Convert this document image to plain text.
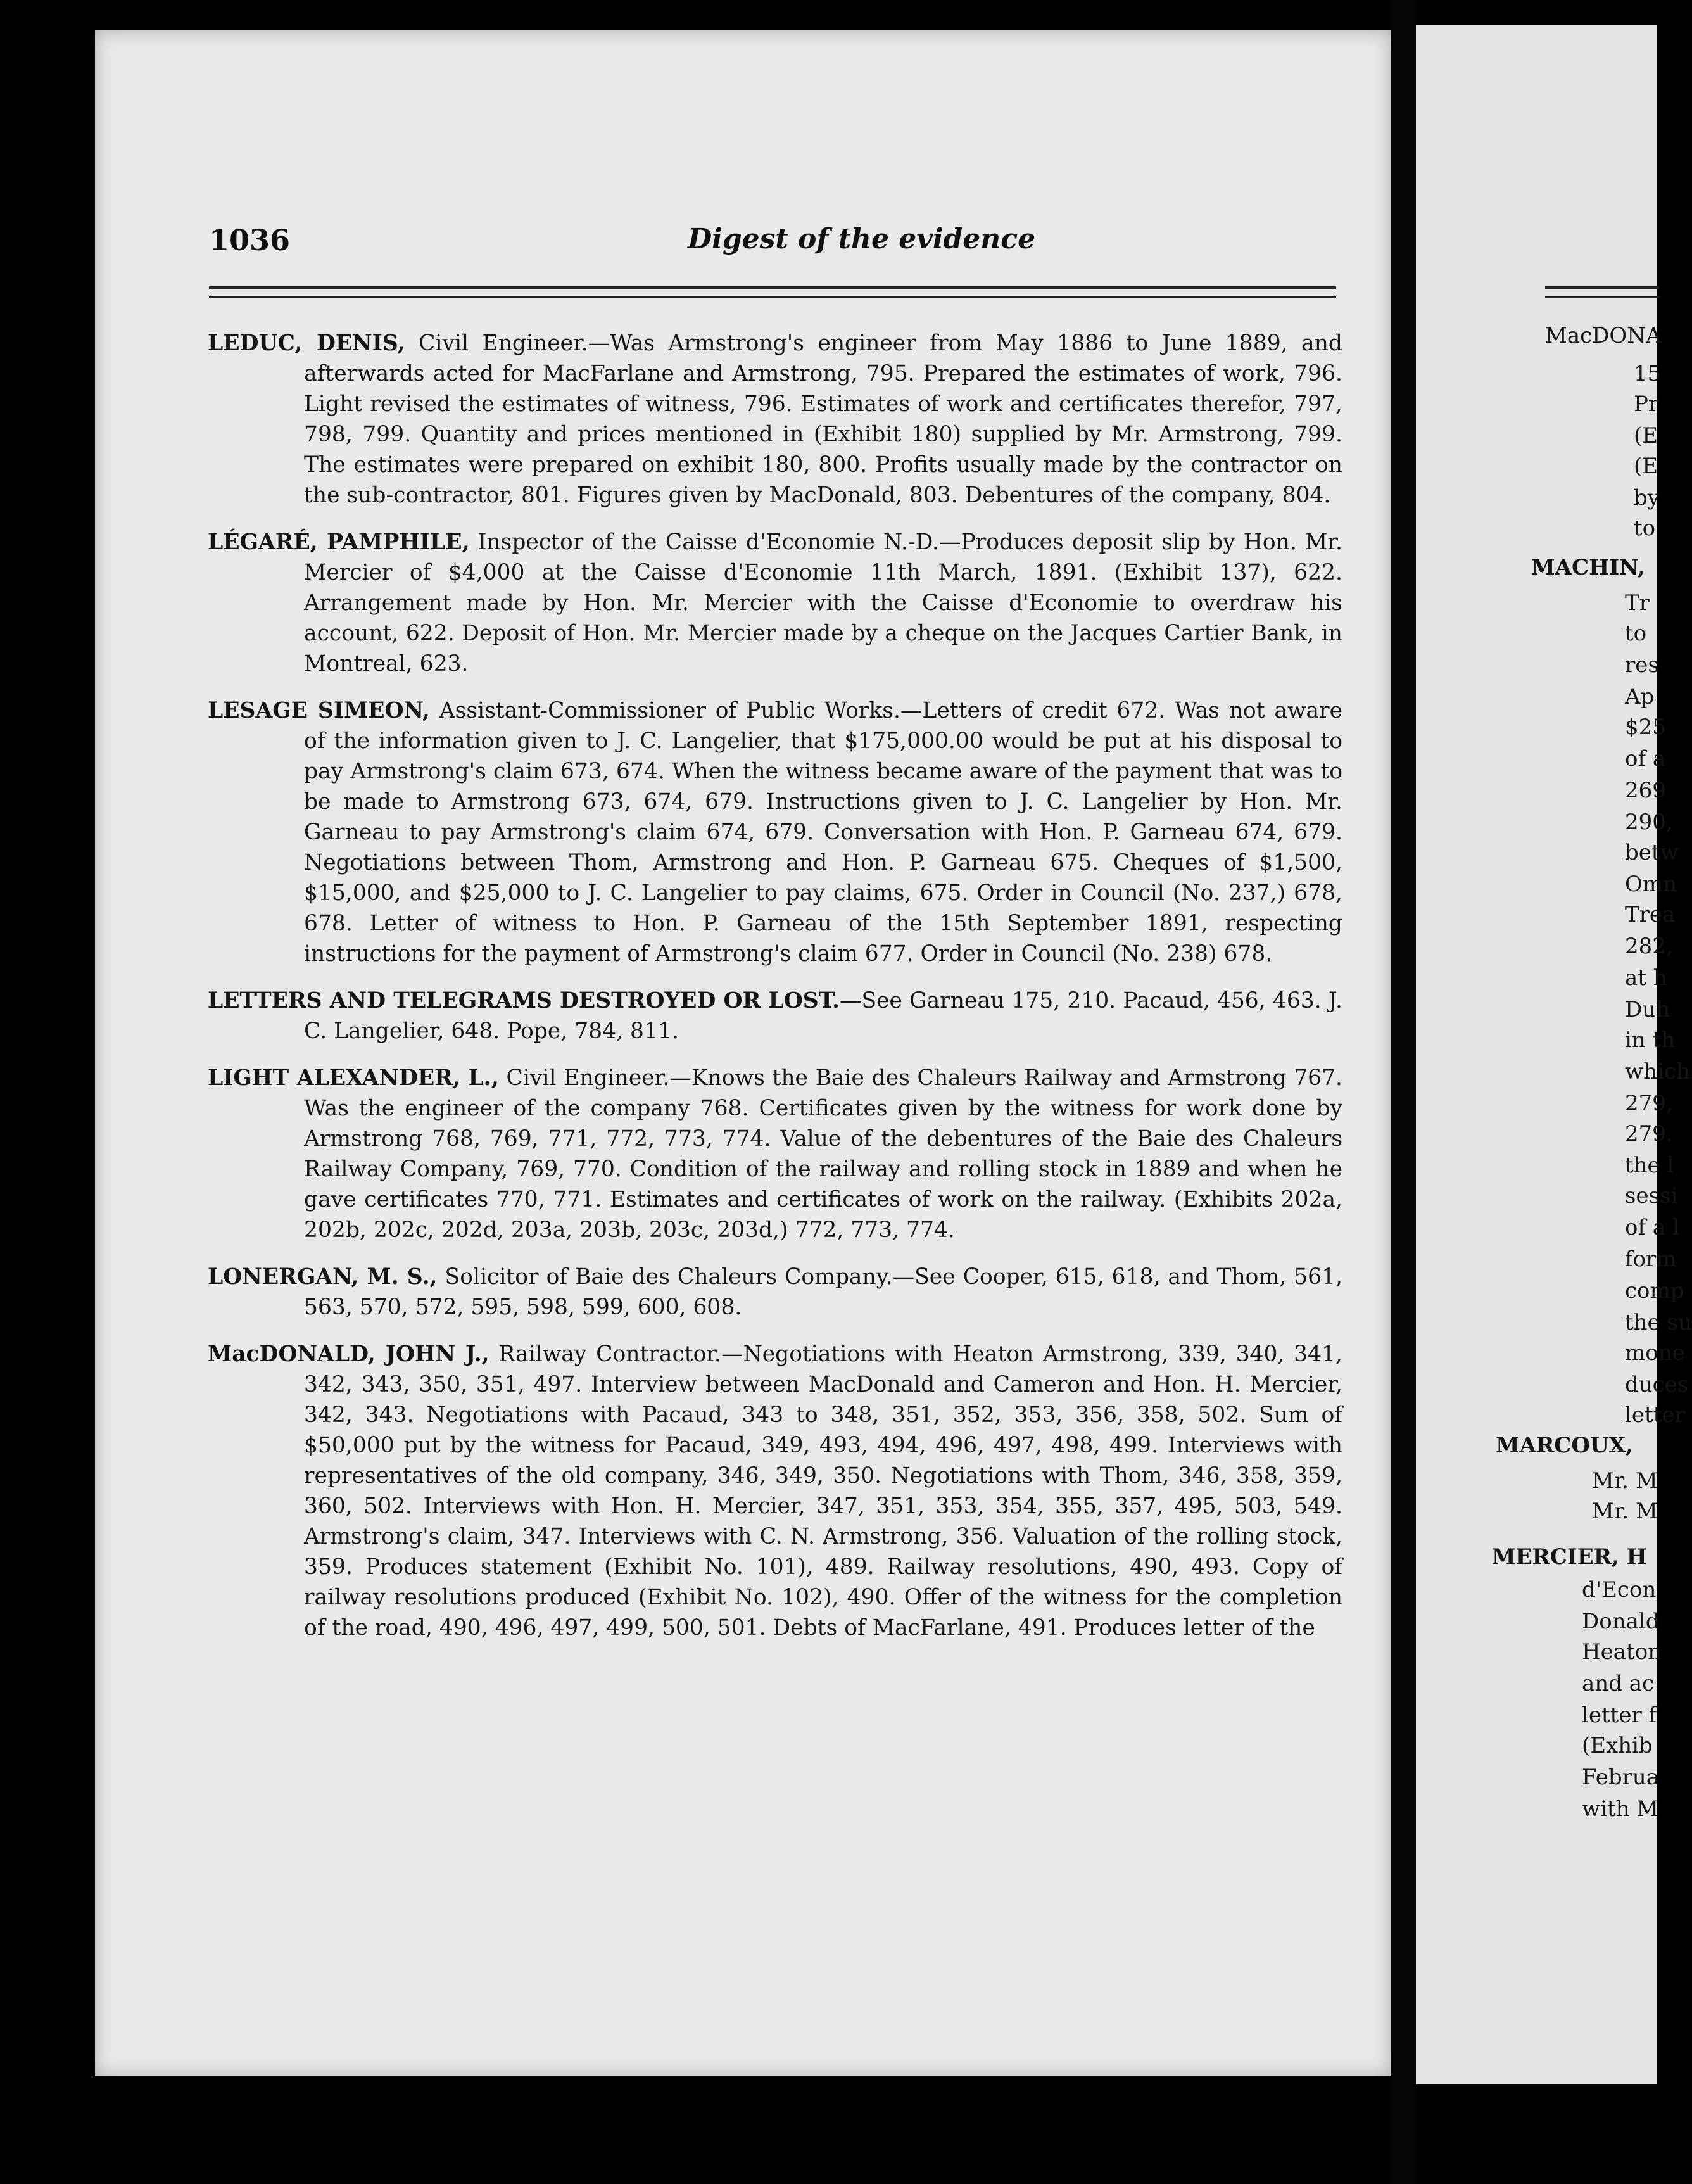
1036	Digest of the evidence

LEDUC, DENIS, Civil Engineer.—Was Armstrong's engineer from May 1886 to June 1889, and afterwards acted for MacFarlane and Armstrong, 795. Prepared the estimates of work, 796. Light revised the estimates of witness, 796. Estimates of work and certificates therefor, 797, 798, 799. Quantity and prices mentioned in (Exhibit 180) supplied by Mr. Armstrong, 799. The estimates were prepared on exhibit 180, 800. Profits usually made by the contractor on the sub-contractor, 801. Figures given by MacDonald, 803. Debentures of the company, 804.

LÉGARÉ, PAMPHILE, Inspector of the Caisse d'Economie N.-D.—Produces deposit slip by Hon. Mr. Mercier of $4,000 at the Caisse d'Economie 11th March, 1891. (Exhibit 137), 622. Arrangement made by Hon. Mr. Mercier with the Caisse d'Economie to overdraw his account, 622. Deposit of Hon. Mr. Mercier made by a cheque on the Jacques Cartier Bank, in Montreal, 623.

LESAGE SIMEON, Assistant-Commissioner of Public Works.—Letters of credit 672. Was not aware of the information given to J. C. Langelier, that $175,000.00 would be put at his disposal to pay Armstrong's claim 673, 674. When the witness became aware of the payment that was to be made to Armstrong 673, 674, 679. Instructions given to J. C. Langelier by Hon. Mr. Garneau to pay Armstrong's claim 674, 679. Conversation with Hon. P. Garneau 674, 679. Negotiations between Thom, Armstrong and Hon. P. Garneau 675. Cheques of $1,500, $15,000, and $25,000 to J. C. Langelier to pay claims, 675. Order in Council (No. 237,) 678, 678. Letter of witness to Hon. P. Garneau of the 15th September 1891, respecting instructions for the payment of Armstrong's claim 677. Order in Council (No. 238) 678.

LETTERS AND TELEGRAMS DESTROYED OR LOST.—See Garneau 175, 210. Pacaud, 456, 463. J. C. Langelier, 648. Pope, 784, 811.

LIGHT ALEXANDER, L., Civil Engineer.—Knows the Baie des Chaleurs Railway and Armstrong 767. Was the engineer of the company 768. Certificates given by the witness for work done by Armstrong 768, 769, 771, 772, 773, 774. Value of the debentures of the Baie des Chaleurs Railway Company, 769, 770. Condition of the railway and rolling stock in 1889 and when he gave certificates 770, 771. Estimates and certificates of work on the railway. (Exhibits 202a, 202b, 202c, 202d, 203a, 203b, 203c, 203d,) 772, 773, 774.

LONERGAN, M. S., Solicitor of Baie des Chaleurs Company.—See Cooper, 615, 618, and Thom, 561, 563, 570, 572, 595, 598, 599, 600, 608.

MacDONALD, JOHN J., Railway Contractor.—Negotiations with Heaton Armstrong, 339, 340, 341, 342, 343, 350, 351, 497. Interview between MacDonald and Cameron and Hon. H. Mercier, 342, 343. Negotiations with Pacaud, 343 to 348, 351, 352, 353, 356, 358, 502. Sum of $50,000 put by the witness for Pacaud, 349, 493, 494, 496, 497, 498, 499. Interviews with representatives of the old company, 346, 349, 350. Negotiations with Thom, 346, 358, 359, 360, 502. Interviews with Hon. H. Mercier, 347, 351, 353, 354, 355, 357, 495, 503, 549. Armstrong's claim, 347. Interviews with C. N. Armstrong, 356. Valuation of the rolling stock, 359. Produces statement (Exhibit No. 101), 489. Railway resolutions, 490, 493. Copy of railway resolutions produced (Exhibit No. 102), 490. Offer of the witness for the completion of the road, 490, 496, 497, 499, 500, 501. Debts of MacFarlane, 491. Produces letter of the

MacDONA
15
Pr
(E
(E
by
to
MACHIN,
Tr
to
res
Ap
$25
of a
269
290,
betw
Omn
Trea
282,
at h
Duh
in th
which
279,
279.
the l
sessi
of a l
form
comp
the su
mone
duces
letter
MARCOUX,
Mr. M
Mr. M
MERCIER, H
d'Econ
Donald
Heaton
and ac
letter f
(Exhib
Februa
with M
